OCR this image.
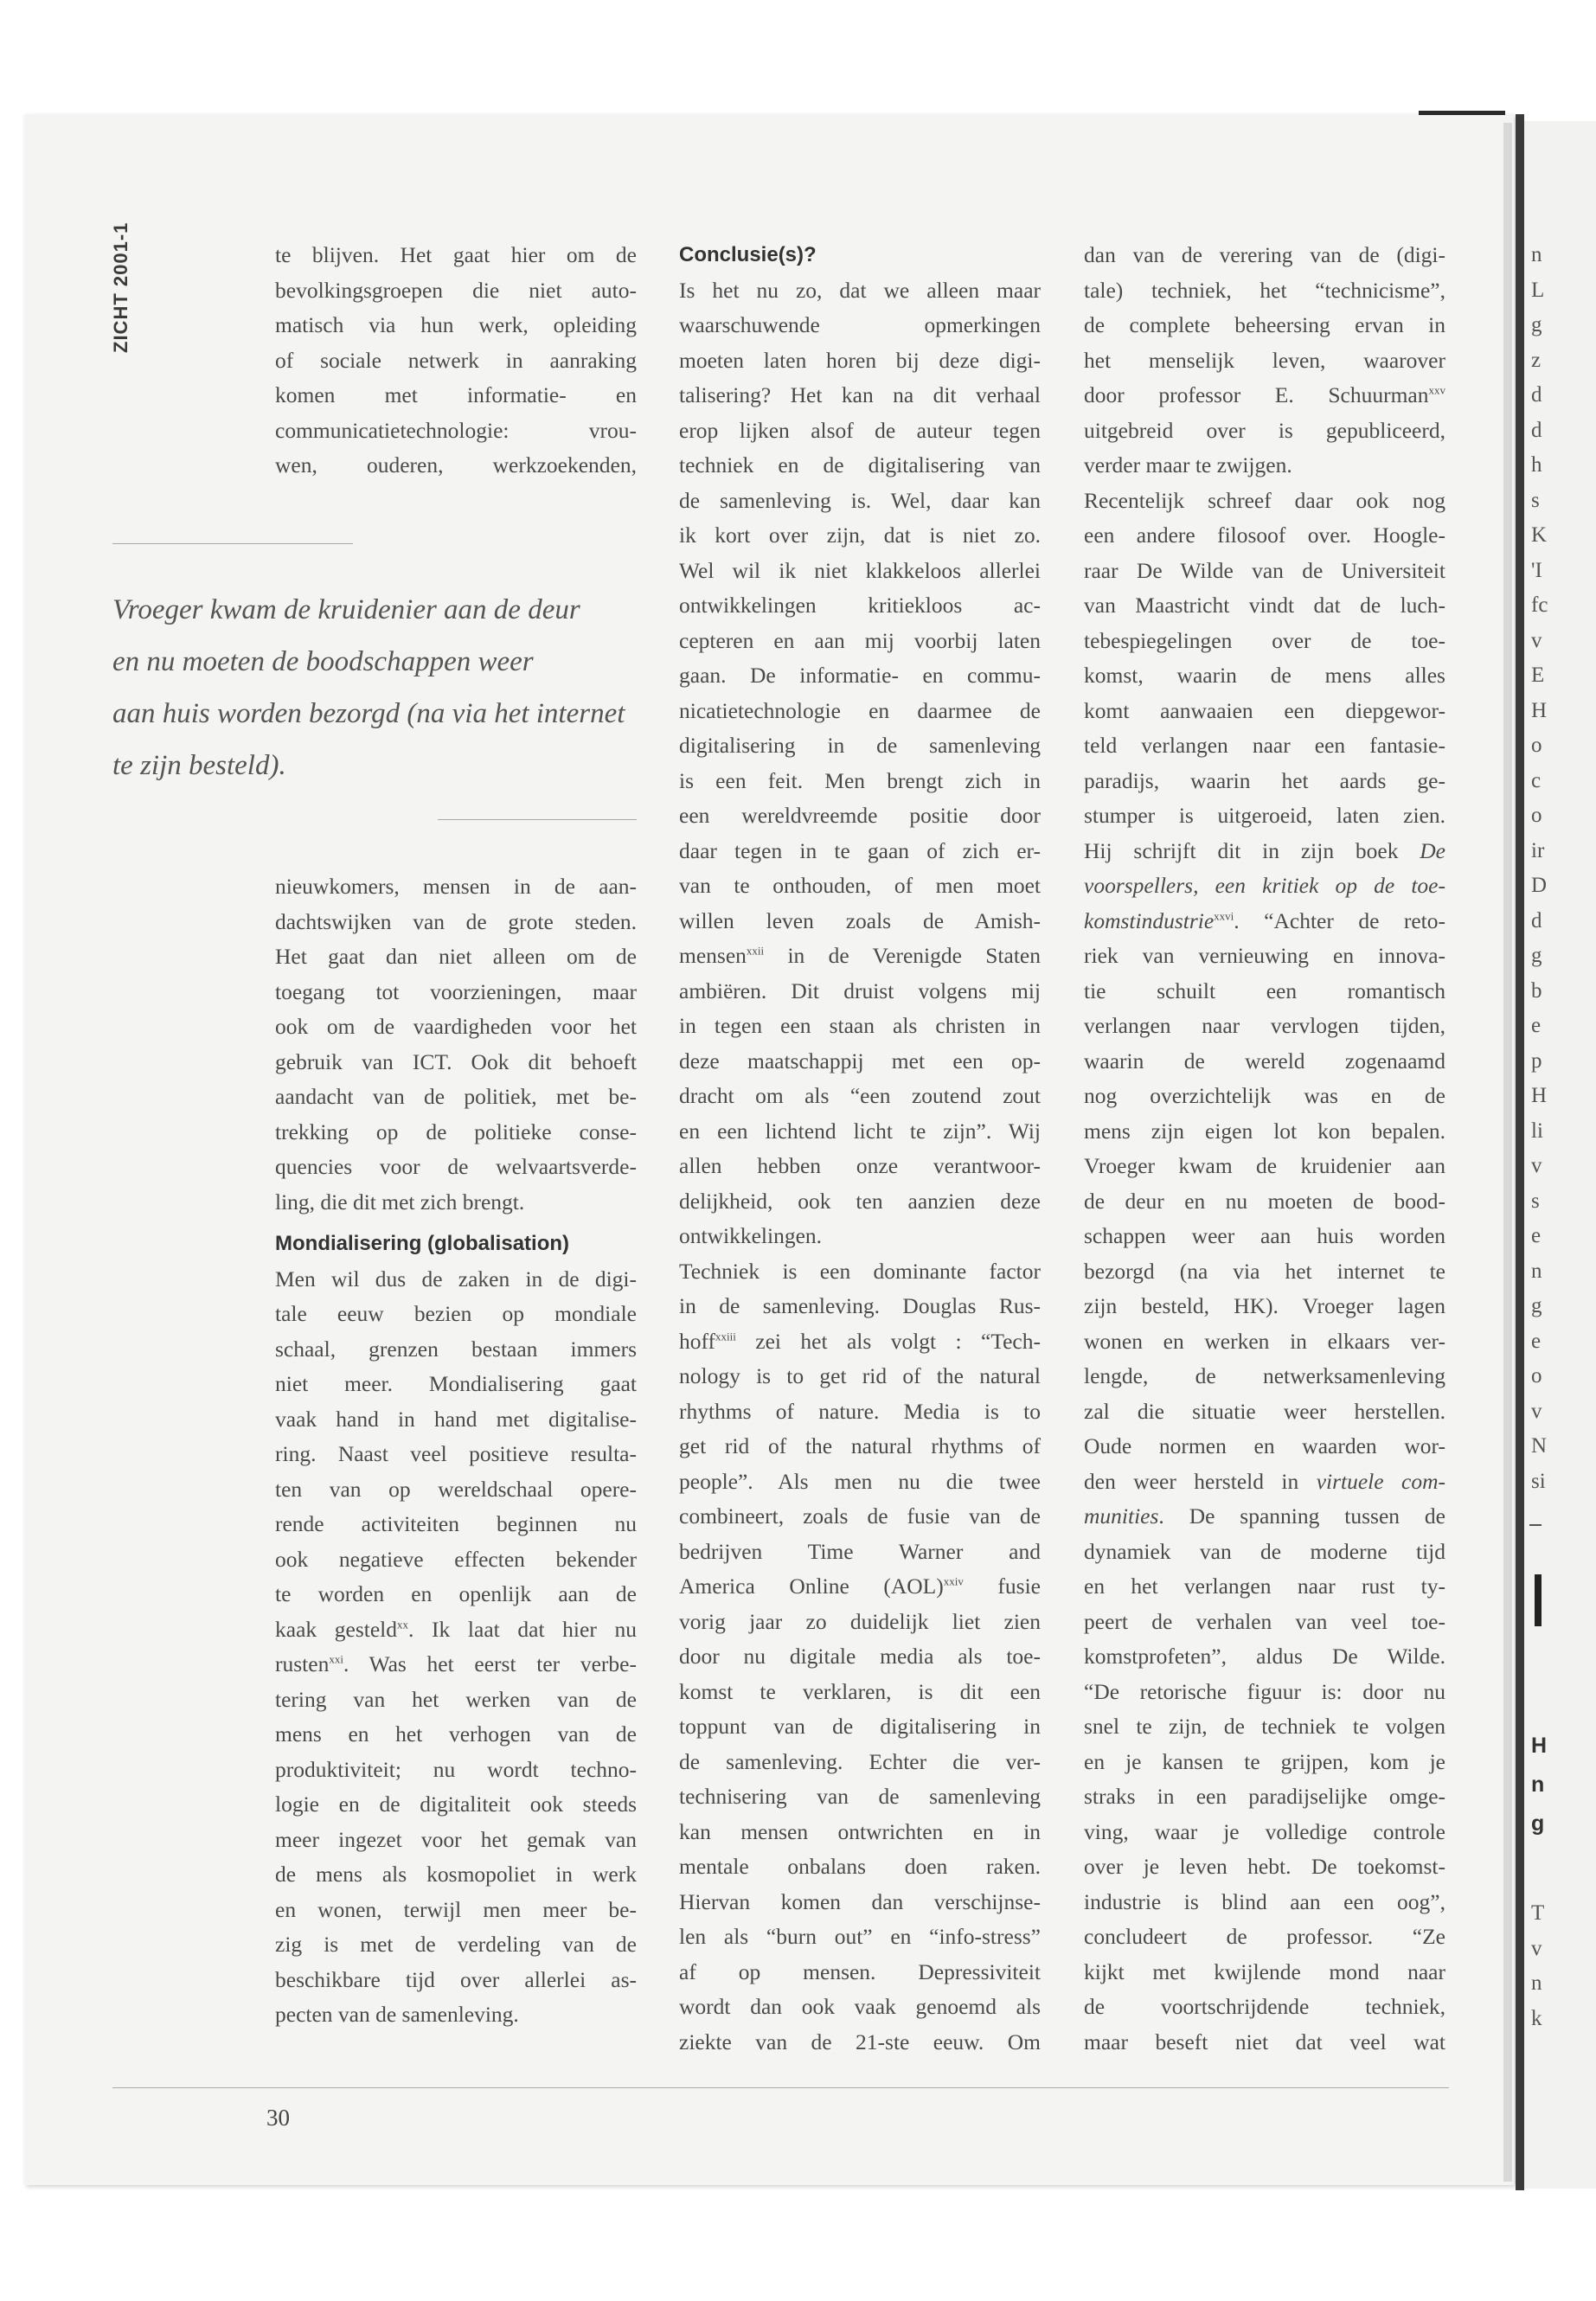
ZICHT 2001-1	te blijven. Het gaat hier om de

bevolkingsgroepen die niet auto-

matisch via hun werk, opleiding

of sociale netwerk in aanraking

komen met informatie- en

communicatietechnologie: vrou-

wen, ouderen, werkzoekenden,

Vroeger kwam de kruidenier aan de deur
en nu moeten de boodschappen weer
aan huis worden bezorgd (na via het internet
te zijn besteld).

nieuwkomers, mensen in de aan-

dachtswijken van de grote steden.

Het gaat dan niet alleen om de

toegang tot voorzieningen, maar

ook om de vaardigheden voor het

gebruik van ICT. Ook dit behoeft

aandacht van de politiek, met be-

trekking op de politieke conse-

quencies voor de welvaartsverde-

ling, die dit met zich brengt.

Mondialisering (globalisation)

Men wil dus de zaken in de digi-

tale eeuw bezien op mondiale

schaal, grenzen bestaan immers

niet meer. Mondialisering gaat

vaak hand in hand met digitalise-

ring. Naast veel positieve resulta-

ten van op wereldschaal opere-

rende activiteiten beginnen nu

ook negatieve effecten bekender

te worden en openlijk aan de

kaak gesteld$^{xx}$. Ik laat dat hier nu

rusten$^{xxi}$. Was het eerst ter verbe-

tering van het werken van de

mens en het verhogen van de

produktiviteit; nu wordt techno-

logie en de digitaliteit ook steeds

meer ingezet voor het gemak van

de mens als kosmopoliet in werk

en wonen, terwijl men meer be-

zig is met de verdeling van de

beschikbare tijd over allerlei as-

pecten van de samenleving.

Conclusie(s)?

Is het nu zo, dat we alleen maar

waarschuwende opmerkingen

moeten laten horen bij deze digi-

talisering? Het kan na dit verhaal

erop lijken alsof de auteur tegen

techniek en de digitalisering van

de samenleving is. Wel, daar kan

ik kort over zijn, dat is niet zo.

Wel wil ik niet klakkeloos allerlei

ontwikkelingen kritiekloos ac-

cepteren en aan mij voorbij laten

gaan. De informatie- en commu-

nicatietechnologie en daarmee de

digitalisering in de samenleving

is een feit. Men brengt zich in

een wereldvreemde positie door

daar tegen in te gaan of zich er-

van te onthouden, of men moet

willen leven zoals de Amish-

mensen$^{xxii}$ in de Verenigde Staten

ambiëren. Dit druist volgens mij

in tegen een staan als christen in

deze maatschappij met een op-

dracht om als “een zoutend zout

en een lichtend licht te zijn”. Wij

allen hebben onze verantwoor-

delijkheid, ook ten aanzien deze

ontwikkelingen.

Techniek is een dominante factor

in de samenleving. Douglas Rus-

hoff$^{xxiii}$ zei het als volgt : “Tech-

nology is to get rid of the natural

rhythms of nature. Media is to

get rid of the natural rhythms of

people”. Als men nu die twee

combineert, zoals de fusie van de

bedrijven Time Warner and

America Online (AOL)$^{xxiv}$ fusie

vorig jaar zo duidelijk liet zien

door nu digitale media als toe-

komst te verklaren, is dit een

toppunt van de digitalisering in

de samenleving. Echter die ver-

technisering van de samenleving

kan mensen ontwrichten en in

mentale onbalans doen raken.

Hiervan komen dan verschijnse-

len als “burn out” en “info-stress”

af op mensen. Depressiviteit

wordt dan ook vaak genoemd als

ziekte van de 21-ste eeuw. Om

dan van de verering van de (digi-

tale) techniek, het “technicisme”,

de complete beheersing ervan in

het menselijk leven, waarover

door professor E. Schuurman$^{xxv}$

uitgebreid over is gepubliceerd,

verder maar te zwijgen.

Recentelijk schreef daar ook nog

een andere filosoof over. Hoogle-

raar De Wilde van de Universiteit

van Maastricht vindt dat de luch-

tebespiegelingen over de toe-

komst, waarin de mens alles

komt aanwaaien een diepgewor-

teld verlangen naar een fantasie-

paradijs, waarin het aards ge-

stumper is uitgeroeid, laten zien.

Hij schrijft dit in zijn boek De

voorspellers, een kritiek op de toe-

komstindustrie$^{xxvi}$. “Achter de reto-

riek van vernieuwing en innova-

tie schuilt een romantisch

verlangen naar vervlogen tijden,

waarin de wereld zogenaamd

nog overzichtelijk was en de

mens zijn eigen lot kon bepalen.

Vroeger kwam de kruidenier aan

de deur en nu moeten de bood-

schappen weer aan huis worden

bezorgd (na via het internet te

zijn besteld, HK). Vroeger lagen

wonen en werken in elkaars ver-

lengde, de netwerksamenleving

zal die situatie weer herstellen.

Oude normen en waarden wor-

den weer hersteld in virtuele com-

munities. De spanning tussen de

dynamiek van de moderne tijd

en het verlangen naar rust ty-

peert de verhalen van veel toe-

komstprofeten”, aldus De Wilde.

“De retorische figuur is: door nu

snel te zijn, de techniek te volgen

en je kansen te grijpen, kom je

straks in een paradijselijke omge-

ving, waar je volledige controle

over je leven hebt. De toekomst-

industrie is blind aan een oog”,

concludeert de professor. “Ze

kijkt met kwijlende mond naar

de voortschrijdende techniek,

maar beseft niet dat veel wat

30
n
L
g
z
d
d
h
s
K
'I
fc
v
E
H
o
c
o
ir
D
d
g
b
e
p
H
li
v
s
e
n
g
e
o
v
N
si
H
n
g
T
v
n
k
